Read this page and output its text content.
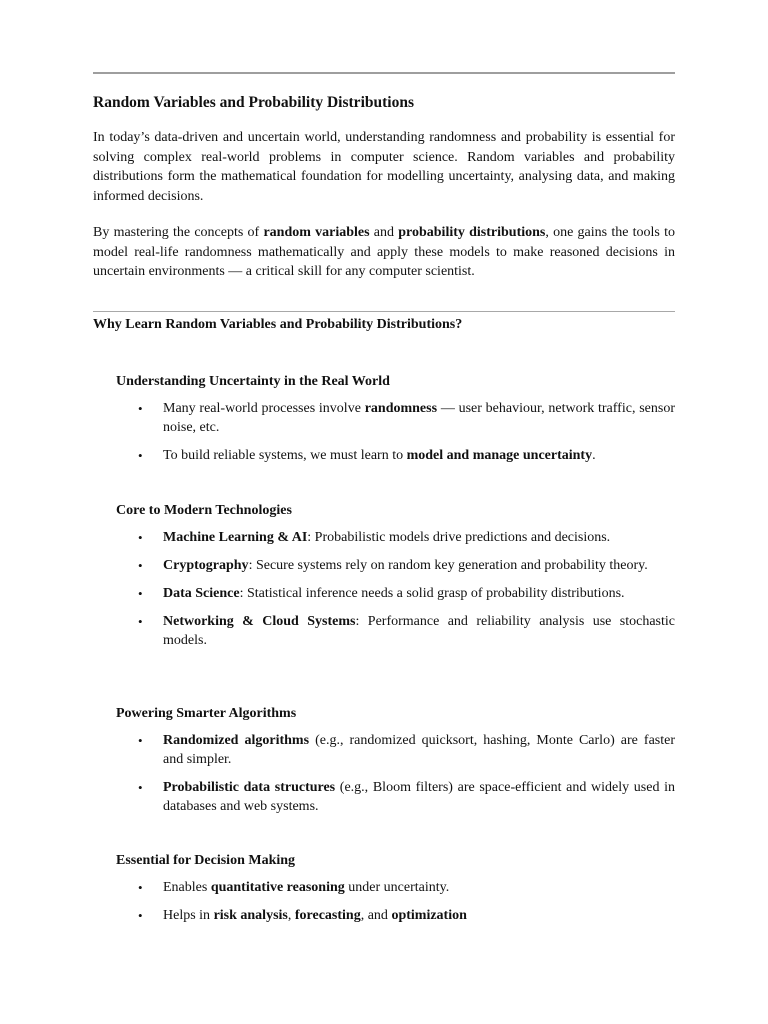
Random Variables and Probability Distributions

In today’s data-driven and uncertain world, understanding randomness and probability is essential for solving complex real-world problems in computer science. Random variables and probability distributions form the mathematical foundation for modelling uncertainty, analysing data, and making informed decisions.

By mastering the concepts of random variables and probability distributions, one gains the tools to model real-life randomness mathematically and apply these models to make reasoned decisions in uncertain environments — a critical skill for any computer scientist.

Why Learn Random Variables and Probability Distributions?
Understanding Uncertainty in the Real World
• Many real-world processes involve randomness — user behaviour, network traffic, sensor noise, etc.
• To build reliable systems, we must learn to model and manage uncertainty.
Core to Modern Technologies
• Machine Learning & AI: Probabilistic models drive predictions and decisions.
• Cryptography: Secure systems rely on random key generation and probability theory.
• Data Science: Statistical inference needs a solid grasp of probability distributions.
• Networking & Cloud Systems: Performance and reliability analysis use stochastic models.
Powering Smarter Algorithms
• Randomized algorithms (e.g., randomized quicksort, hashing, Monte Carlo) are faster and simpler.
• Probabilistic data structures (e.g., Bloom filters) are space-efficient and widely used in databases and web systems.
Essential for Decision Making
• Enables quantitative reasoning under uncertainty.
• Helps in risk analysis, forecasting, and optimization
